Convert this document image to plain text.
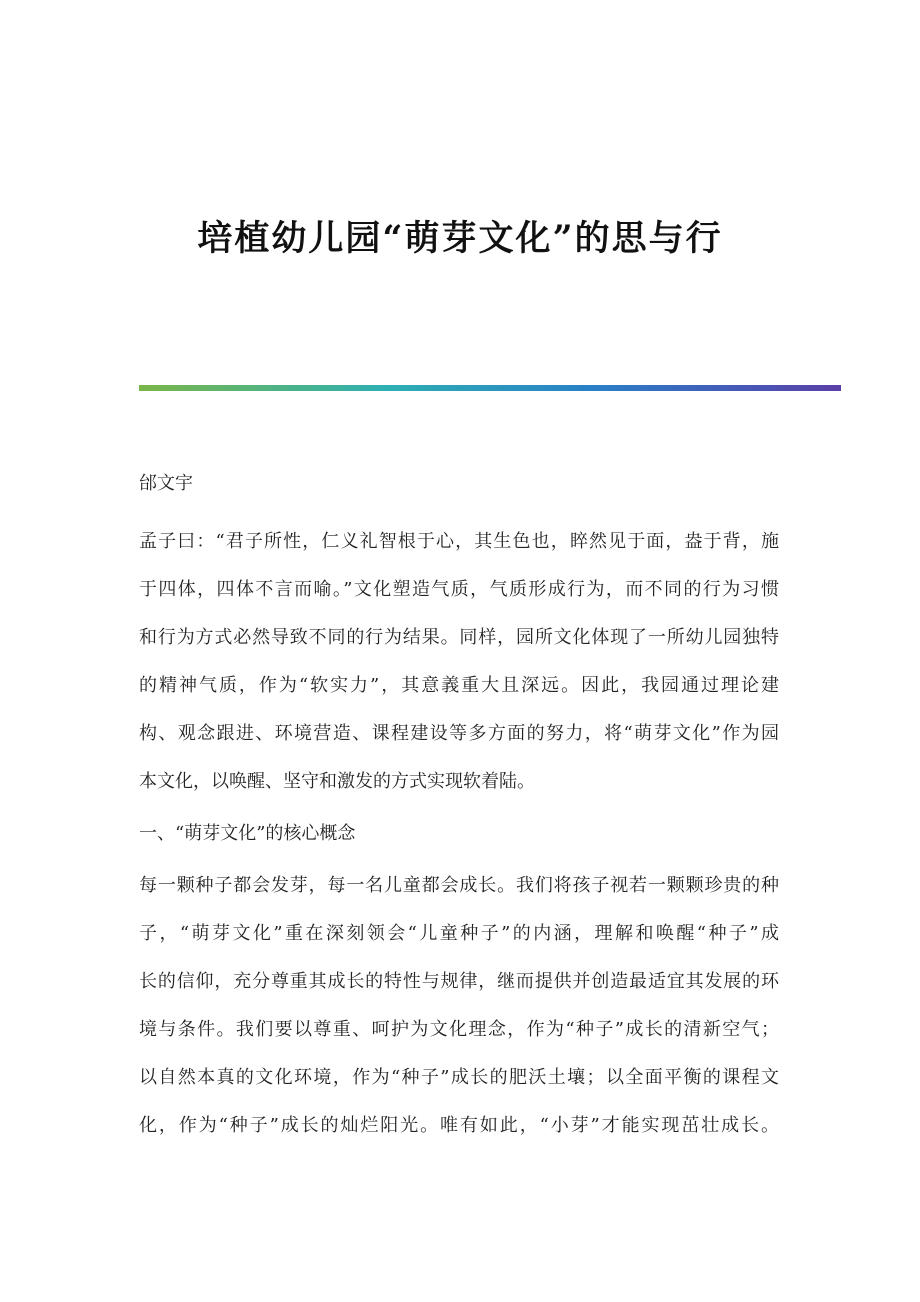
培植幼儿园“萌芽文化”的思与行
邰文宇

孟子曰：“君子所性，仁义礼智根于心，其生色也，睟然见于面，盎于背，施
于四体，四体不言而喻。”文化塑造气质，气质形成行为，而不同的行为习惯
和行为方式必然导致不同的行为结果。同样，园所文化体现了一所幼儿园独特
的精神气质，作为“软实力”，其意義重大且深远。因此，我园通过理论建
构、观念跟进、环境营造、课程建设等多方面的努力，将“萌芽文化”作为园
本文化，以唤醒、坚守和激发的方式实现软着陆。

一、“萌芽文化”的核心概念

每一颗种子都会发芽，每一名儿童都会成长。我们将孩子视若一颗颗珍贵的种
子，“萌芽文化”重在深刻领会“儿童种子”的内涵，理解和唤醒“种子”成
长的信仰，充分尊重其成长的特性与规律，继而提供并创造最适宜其发展的环
境与条件。我们要以尊重、呵护为文化理念，作为“种子”成长的清新空气；
以自然本真的文化环境，作为“种子”成长的肥沃土壤；以全面平衡的课程文
化，作为“种子”成长的灿烂阳光。唯有如此，“小芽”才能实现茁壮成长。
